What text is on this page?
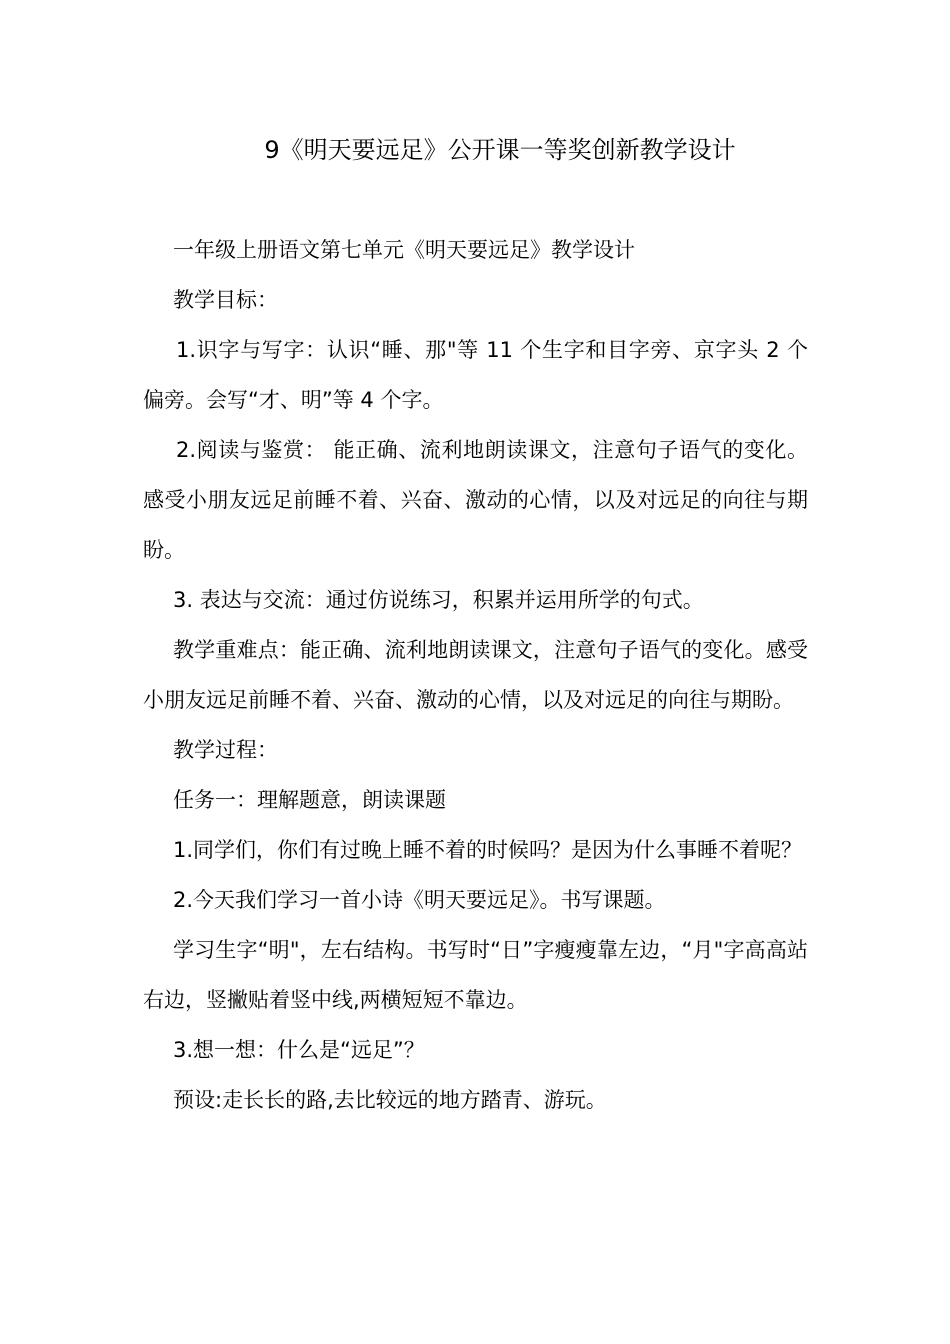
9《明天要远足》公开课一等奖创新教学设计

一年级上册语文第七单元《明天要远足》教学设计

教学目标：

1.识字与写字：认识“睡、那"等 11 个生字和目字旁、京字头 2 个偏旁。会写“才、明”等 4 个字。

2.阅读与鉴赏： 能正确、流利地朗读课文，注意句子语气的变化。感受小朋友远足前睡不着、兴奋、激动的心情，以及对远足的向往与期盼。

3. 表达与交流：通过仿说练习，积累并运用所学的句式。

教学重难点：能正确、流利地朗读课文，注意句子语气的变化。感受小朋友远足前睡不着、兴奋、激动的心情，以及对远足的向往与期盼。

教学过程：

任务一：理解题意，朗读课题

1.同学们，你们有过晚上睡不着的时候吗？是因为什么事睡不着呢？

2.今天我们学习一首小诗《明天要远足》。书写课题。

学习生字“明"，左右结构。书写时“日”字瘦瘦靠左边，“月"字高高站右边，竖撇贴着竖中线,两横短短不靠边。

3.想一想：什么是“远足”？

预设:走长长的路,去比较远的地方踏青、游玩。
